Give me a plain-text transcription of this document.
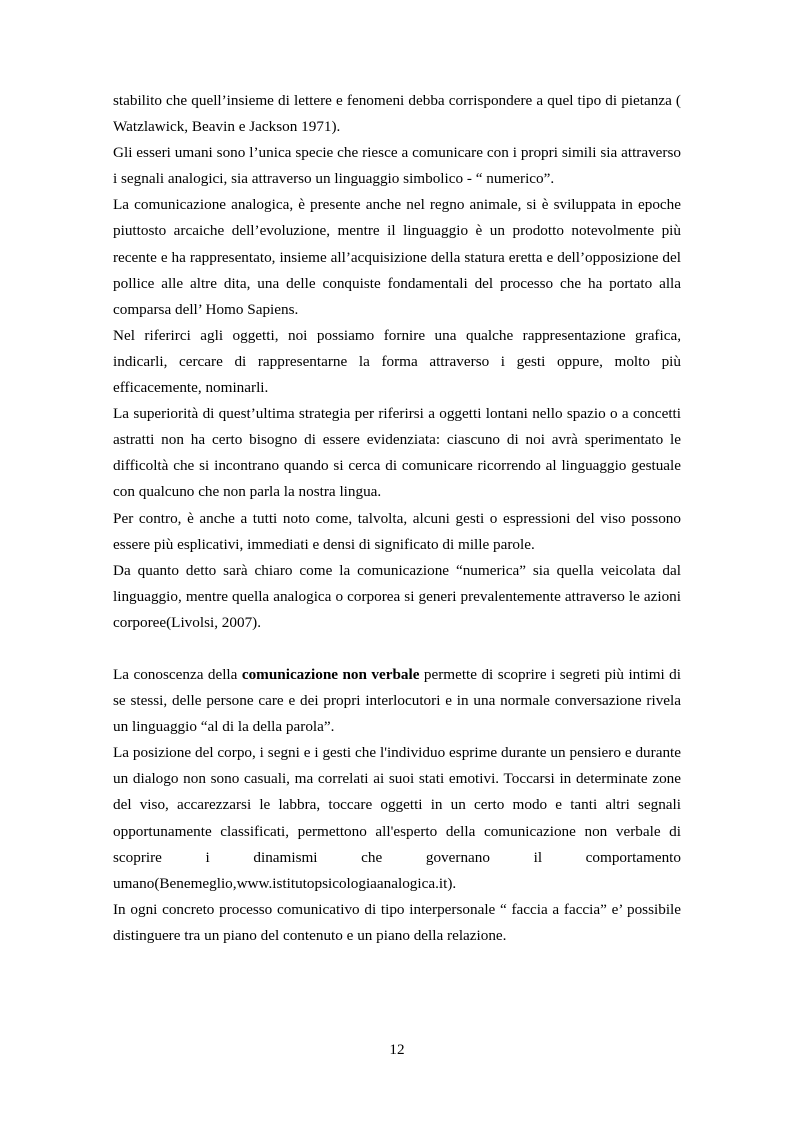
stabilito che quell’insieme di lettere e fenomeni debba corrispondere a quel tipo di pietanza ( Watzlawick, Beavin e Jackson 1971).

Gli esseri umani sono l’unica specie che riesce a comunicare con i propri simili sia attraverso i segnali analogici, sia attraverso un linguaggio simbolico - “ numerico”.

La comunicazione analogica, è presente anche nel regno animale, si è sviluppata in epoche piuttosto arcaiche dell’evoluzione, mentre il linguaggio è un prodotto notevolmente più recente e ha rappresentato, insieme all’acquisizione della statura eretta e dell’opposizione del pollice alle altre dita, una delle conquiste fondamentali del processo che ha portato alla comparsa dell’ Homo Sapiens.

Nel riferirci agli oggetti, noi possiamo fornire una qualche rappresentazione grafica, indicarli, cercare di rappresentarne la forma attraverso i gesti oppure, molto più efficacemente, nominarli.

La superiorità di quest’ultima strategia per riferirsi a oggetti lontani nello spazio o a concetti astratti non ha certo bisogno di essere evidenziata: ciascuno di noi avrà sperimentato le difficoltà che si incontrano quando si cerca di comunicare ricorrendo al linguaggio gestuale con qualcuno che non parla la nostra lingua.

Per contro, è anche a tutti noto come, talvolta, alcuni gesti o espressioni del viso possono essere più esplicativi, immediati e densi di significato di mille parole.

Da quanto detto sarà chiaro come la comunicazione “numerica” sia quella veicolata dal linguaggio, mentre quella analogica o corporea si generi prevalentemente attraverso le azioni corporee(Livolsi, 2007).

La conoscenza della comunicazione non verbale permette di scoprire i segreti più intimi di se stessi, delle persone care e dei propri interlocutori e in una normale conversazione rivela un linguaggio “al di la della parola”.

La posizione del corpo, i segni e i gesti che l'individuo esprime durante un pensiero e durante un dialogo non sono casuali, ma correlati ai suoi stati emotivi. Toccarsi in determinate zone del viso, accarezzarsi le labbra, toccare oggetti in un certo modo e tanti altri segnali opportunamente classificati, permettono all'esperto della comunicazione non verbale di scoprire i dinamismi che governano il comportamento umano(Benemeglio,www.istitutopsicologiaanalogica.it).

In ogni concreto processo comunicativo di tipo interpersonale “ faccia a faccia” e’ possibile distinguere tra un piano del contenuto e un piano della relazione.

12
